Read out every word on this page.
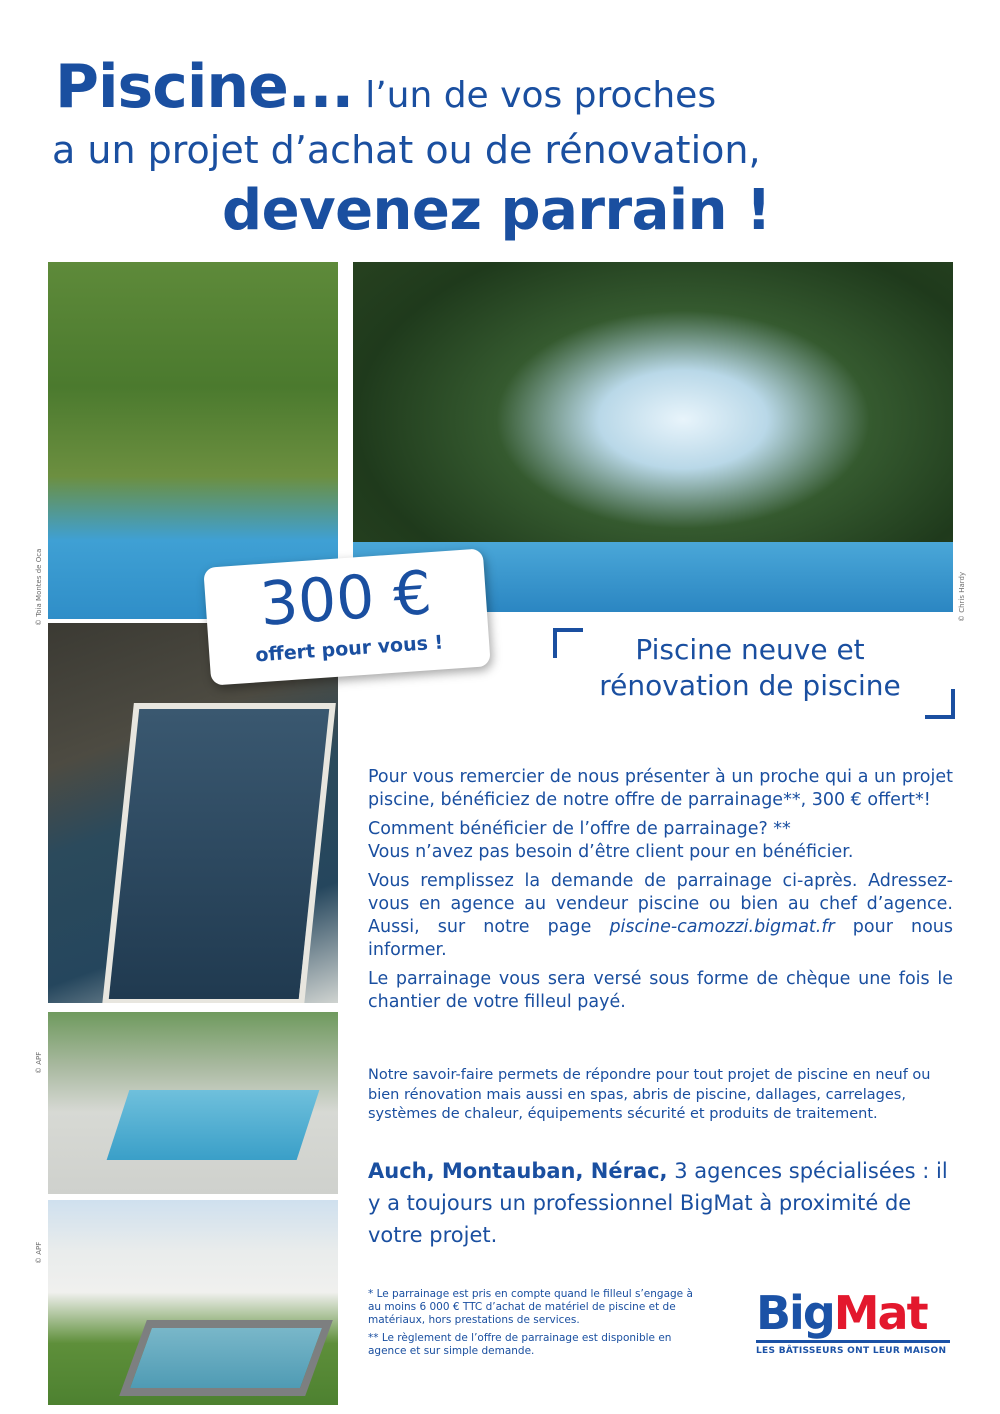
Piscine... l’un de vos proches
a un projet d’achat ou de rénovation,
devenez parrain !
© Toia Montes de Oca	© Chris Hardy
© APF
© APF
300 €
offert pour vous !	Piscine neuve et
rénovation de piscine

Pour vous remercier de nous présenter à un proche qui a un projet piscine, bénéficiez de notre offre de parrainage**, 300 € offert*!

Comment bénéficier de l’offre de parrainage? **
Vous n’avez pas besoin d’être client pour en bénéficier.

Vous remplissez la demande de parrainage ci-après. Adressez-vous en agence au vendeur piscine ou bien au chef d’agence. Aussi, sur notre page piscine-camozzi.bigmat.fr pour nous informer.

Le parrainage vous sera versé sous forme de chèque une fois le chantier de votre filleul payé.

Notre savoir-faire permets de répondre pour tout projet de piscine en neuf ou bien rénovation mais aussi en spas, abris de piscine, dallages, carrelages, systèmes de chaleur, équipements sécurité et produits de traitement.
Auch, Montauban, Nérac, 3 agences spécialisées : il y a toujours un professionnel BigMat à proximité de votre projet.

* Le parrainage est pris en compte quand le filleul s’engage à au moins 6 000 € TTC d’achat de matériel de piscine et de matériaux, hors prestations de services.

** Le règlement de l’offre de parrainage est disponible en agence et sur simple demande.

BigMat
LES BÂTISSEURS ONT LEUR MAISON
